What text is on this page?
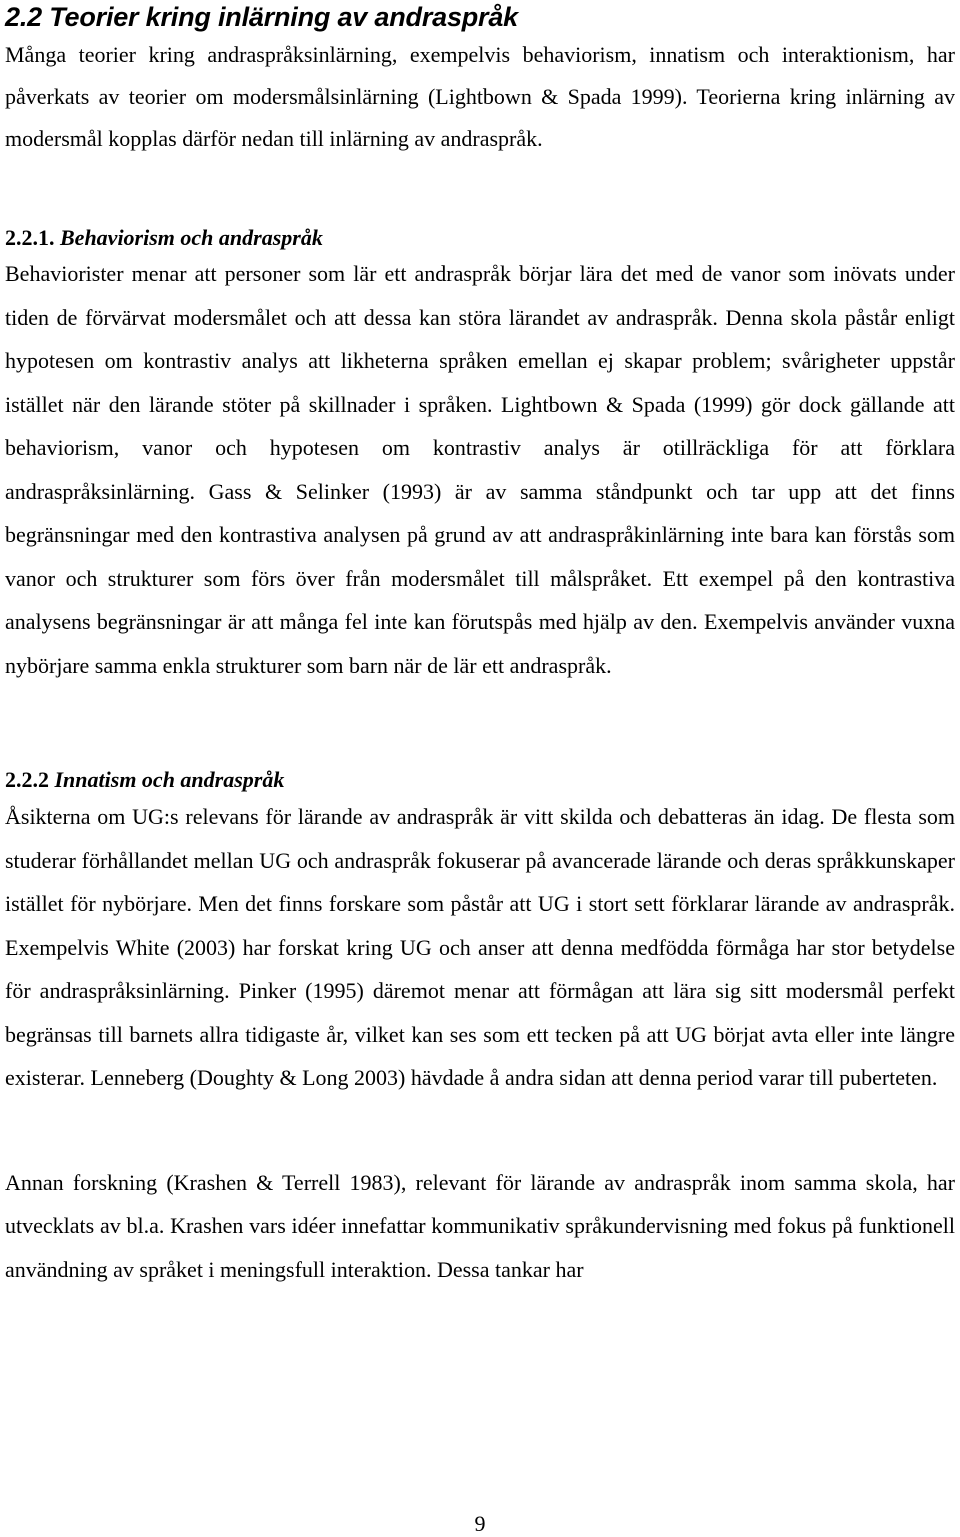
2.2 Teorier kring inlärning av andraspråk

Många teorier kring andraspråksinlärning, exempelvis behaviorism, innatism och interaktionism, har påverkats av teorier om modersmålsinlärning (Lightbown & Spada 1999). Teorierna kring inlärning av modersmål kopplas därför nedan till inlärning av andraspråk.

2.2.1. Behaviorism och andraspråk

Behaviorister menar att personer som lär ett andraspråk börjar lära det med de vanor som inövats under tiden de förvärvat modersmålet och att dessa kan störa lärandet av andraspråk. Denna skola påstår enligt hypotesen om kontrastiv analys att likheterna språken emellan ej skapar problem; svårigheter uppstår istället när den lärande stöter på skillnader i språken. Lightbown & Spada (1999) gör dock gällande att behaviorism, vanor och hypotesen om kontrastiv analys är otillräckliga för att förklara andraspråksinlärning. Gass & Selinker (1993) är av samma ståndpunkt och tar upp att det finns begränsningar med den kontrastiva analysen på grund av att andraspråkinlärning inte bara kan förstås som vanor och strukturer som förs över från modersmålet till målspråket. Ett exempel på den kontrastiva analysens begränsningar är att många fel inte kan förutspås med hjälp av den. Exempelvis använder vuxna nybörjare samma enkla strukturer som barn när de lär ett andraspråk.

2.2.2 Innatism och andraspråk

Åsikterna om UG:s relevans för lärande av andraspråk är vitt skilda och debatteras än idag. De flesta som studerar förhållandet mellan UG och andraspråk fokuserar på avancerade lärande och deras språkkunskaper istället för nybörjare. Men det finns forskare som påstår att UG i stort sett förklarar lärande av andraspråk. Exempelvis White (2003) har forskat kring UG och anser att denna medfödda förmåga har stor betydelse för andraspråksinlärning. Pinker (1995) däremot menar att förmågan att lära sig sitt modersmål perfekt begränsas till barnets allra tidigaste år, vilket kan ses som ett tecken på att UG börjat avta eller inte längre existerar. Lenneberg (Doughty & Long 2003) hävdade å andra sidan att denna period varar till puberteten.

Annan forskning (Krashen & Terrell 1983), relevant för lärande av andraspråk inom samma skola, har utvecklats av bl.a. Krashen vars idéer innefattar kommunikativ språkundervisning med fokus på funktionell användning av språket i meningsfull interaktion. Dessa tankar har

9
